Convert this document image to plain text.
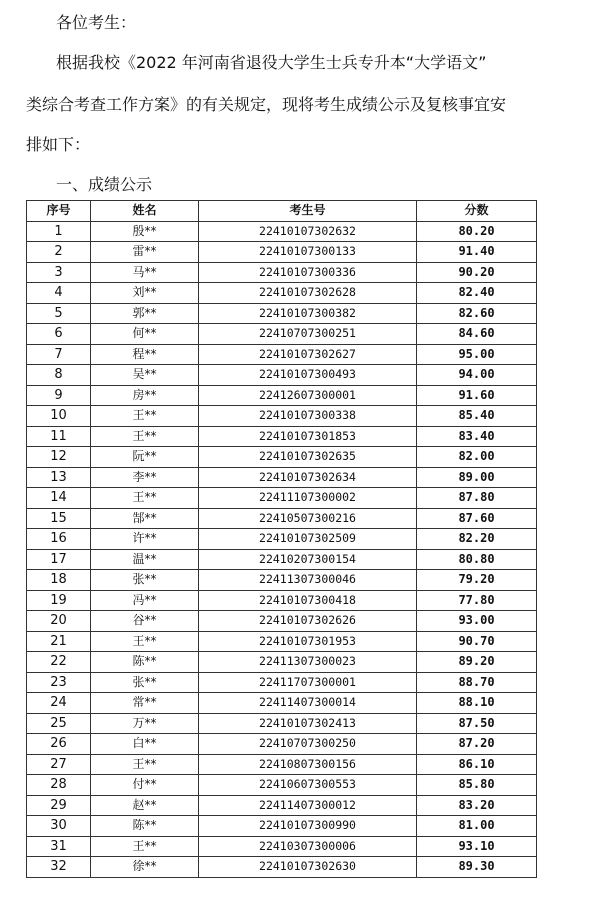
各位考生：

根据我校《2022 年河南省退役大学生士兵专升本“大学语文”

类综合考查工作方案》的有关规定，现将考生成绩公示及复核事宜安

排如下：

一、成绩公示

序号	姓名	考生号	分数
1	殷**	22410107302632	80.20
2	雷**	22410107300133	91.40
3	马**	22410107300336	90.20
4	刘**	22410107302628	82.40
5	郭**	22410107300382	82.60
6	何**	22410707300251	84.60
7	程**	22410107302627	95.00
8	吴**	22410107300493	94.00
9	房**	22412607300001	91.60
10	王**	22410107300338	85.40
11	王**	22410107301853	83.40
12	阮**	22410107302635	82.00
13	李**	22410107302634	89.00
14	王**	22411107300002	87.80
15	郜**	22410507300216	87.60
16	许**	22410107302509	82.20
17	温**	22410207300154	80.80
18	张**	22411307300046	79.20
19	冯**	22410107300418	77.80
20	谷**	22410107302626	93.00
21	王**	22410107301953	90.70
22	陈**	22411307300023	89.20
23	张**	22411707300001	88.70
24	常**	22411407300014	88.10
25	万**	22410107302413	87.50
26	白**	22410707300250	87.20
27	王**	22410807300156	86.10
28	付**	22410607300553	85.80
29	赵**	22411407300012	83.20
30	陈**	22410107300990	81.00
31	王**	22410307300006	93.10
32	徐**	22410107302630	89.30
